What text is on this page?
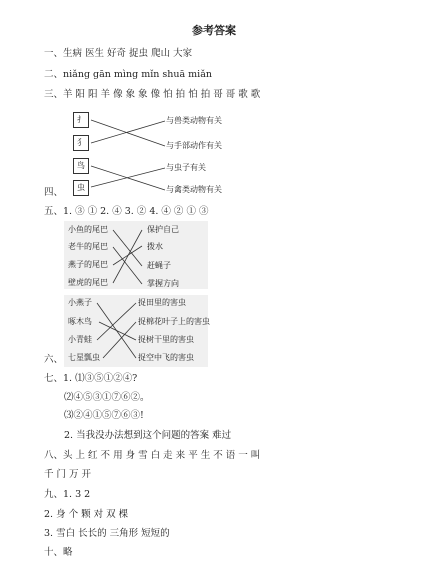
参考答案
一、生病 医生 好奇 捉虫 爬山 大家
二、niǎng gān mìng mǐn shuā miǎn
三、羊 阳 阳 羊 像 象 象 像 怕 拍 怕 拍 哥 哥 歌 歌
扌
犭
鸟
虫
与兽类动物有关
与手部动作有关
与虫子有关
与禽类动物有关
四、
五、1. ③ ① 2. ④ 3. ② 4. ④ ② ① ③
小鱼的尾巴
老牛的尾巴
燕子的尾巴
壁虎的尾巴
保护自己
拨水
赶蝇子
掌握方向
小燕子
啄木鸟
小青蛙
七星瓢虫
捉田里的害虫
捉棉花叶子上的害虫
捉树干里的害虫
捉空中飞的害虫
六、
七、1. ⑴③⑤①②④?
⑵④⑤③①⑦⑥②。
⑶②④①⑤⑦⑥③!
2. 当我没办法想到这个问题的答案 难过
八、头 上 红 不 用 身 雪 白 走 来 平 生 不 语 一 叫
千 门 万 开
九、1. 3 2
2. 身 个 颗 对 双 棵
3. 雪白 长长的 三角形 短短的
十、略
